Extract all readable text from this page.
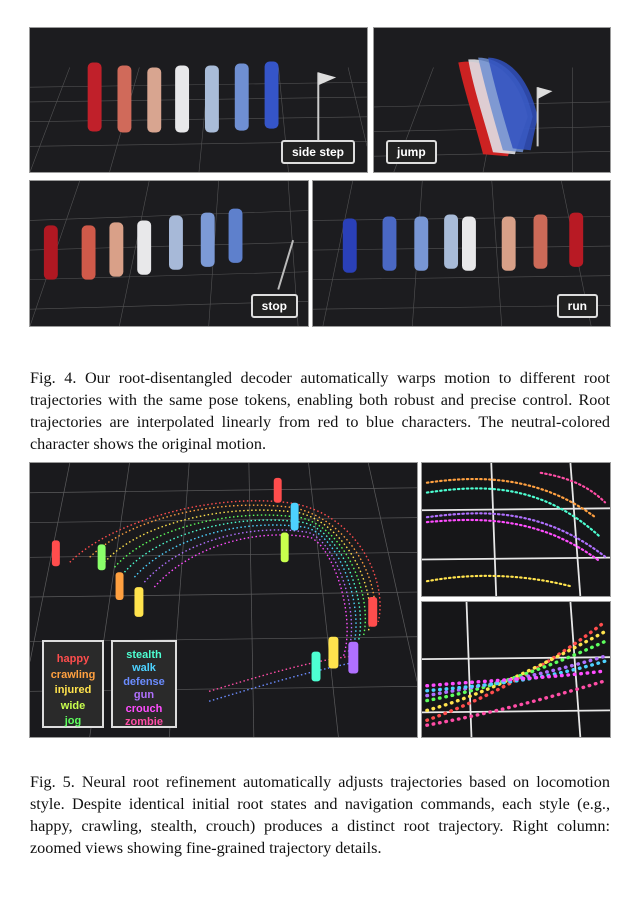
side step	jump
stop	run
Fig. 4. Our root-disentangled decoder automatically warps motion to different root trajectories with the same pose tokens, enabling both robust and precise control. Root trajectories are interpolated linearly from red to blue characters. The neutral-colored character shows the original motion.
happy
crawling
injured
wide
jog
stealth
walk
defense
gun
crouch
zombie
Fig. 5. Neural root refinement automatically adjusts trajectories based on locomotion style. Despite identical initial root states and navigation commands, each style (e.g., happy, crawling, stealth, crouch) produces a distinct root trajectory. Right column: zoomed views showing fine-grained trajectory details.
